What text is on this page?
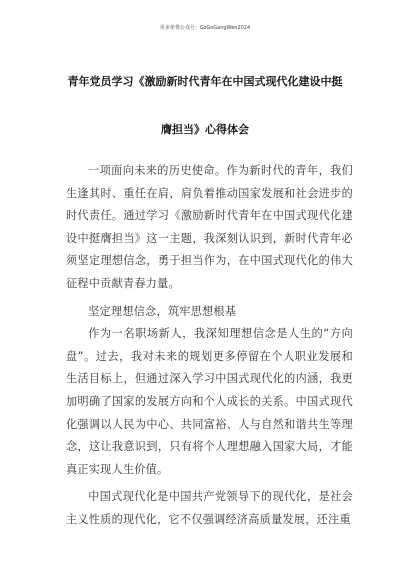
更多免费公众号：GzGoGangWen2024
青年党员学习《激励新时代青年在中国式现代化建设中挺
膺担当》心得体会

一项面向未来的历史使命。作为新时代的青年，我们生逢其时、重任在肩，肩负着推动国家发展和社会进步的时代责任。通过学习《激励新时代青年在中国式现代化建设中挺膺担当》这一主题，我深刻认识到，新时代青年必须坚定理想信念，勇于担当作为，在中国式现代化的伟大征程中贡献青春力量。

坚定理想信念，筑牢思想根基

作为一名职场新人，我深知理想信念是人生的“方向盘”。过去，我对未来的规划更多停留在个人职业发展和生活目标上，但通过深入学习中国式现代化的内涵，我更加明确了国家的发展方向和个人成长的关系。中国式现代化强调以人民为中心、共同富裕、人与自然和谐共生等理念，这让我意识到，只有将个人理想融入国家大局，才能真正实现人生价值。

中国式现代化是中国共产党领导下的现代化，是社会主义性质的现代化，它不仅强调经济高质量发展，还注重
